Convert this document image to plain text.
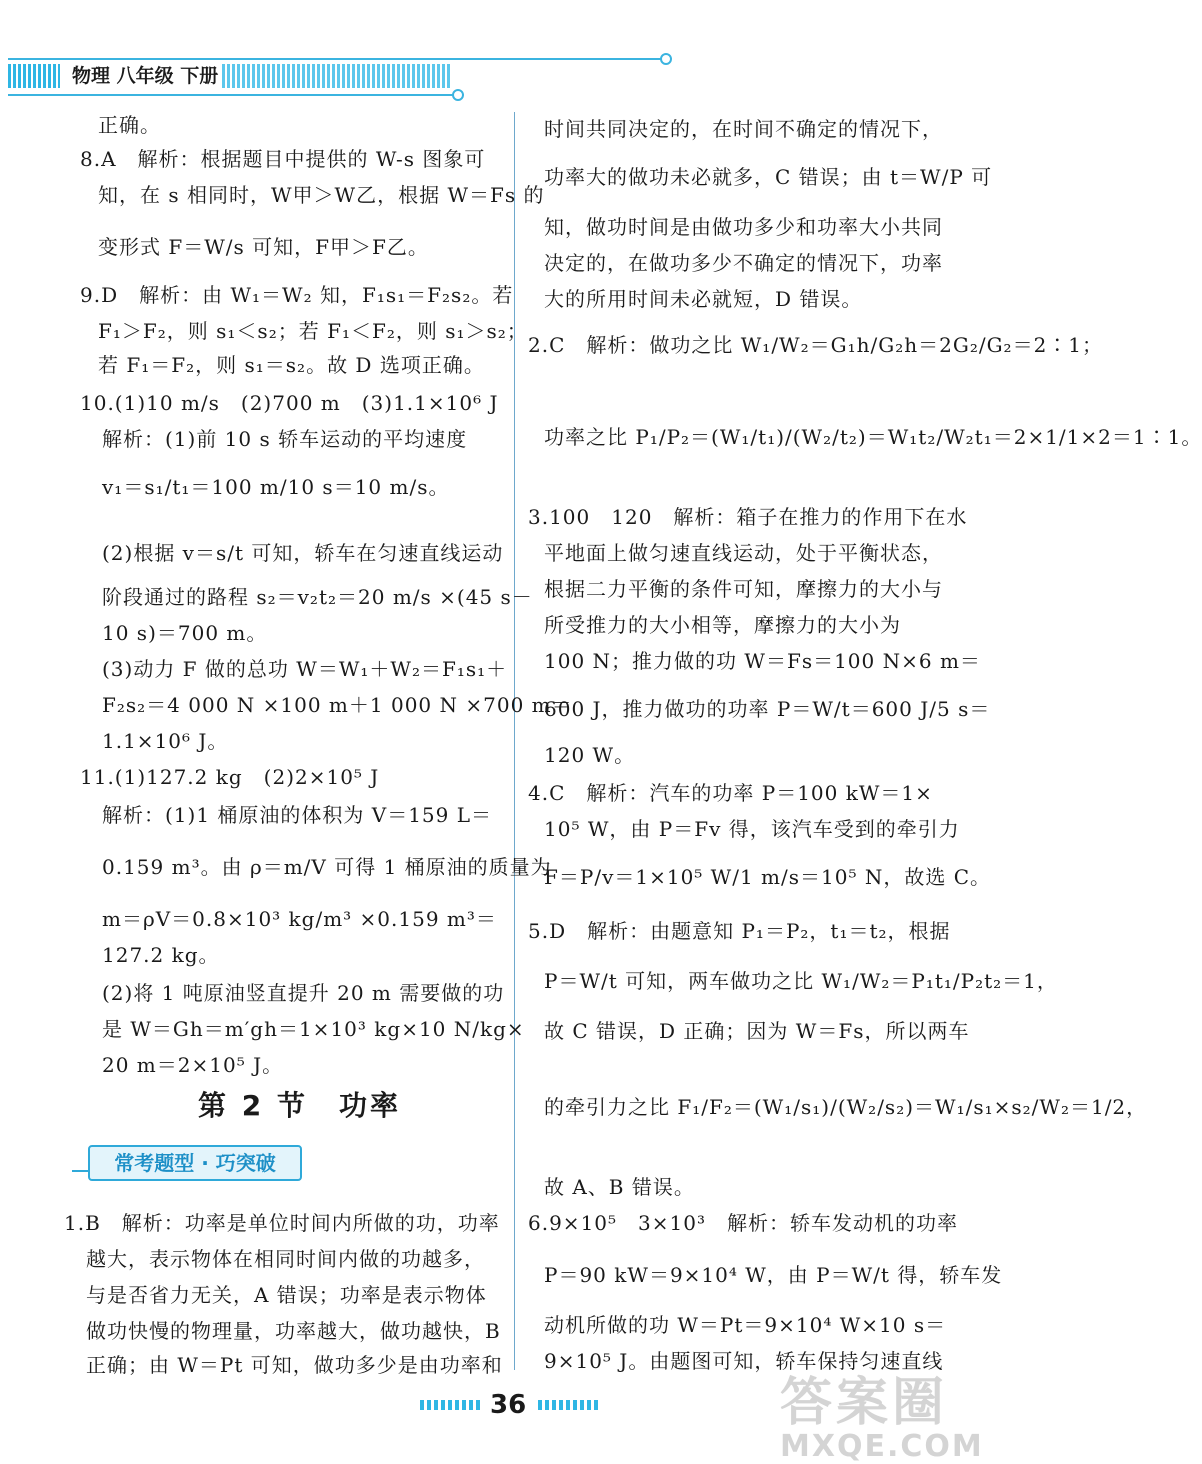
物理 八年级 下册
正确。
8.A　解析：根据题目中提供的 W-s 图象可
知，在 s 相同时，W甲＞W乙，根据 W＝Fs 的
变形式 F＝W/s 可知，F甲＞F乙。
9.D　解析：由 W₁＝W₂ 知，F₁s₁＝F₂s₂。若
F₁＞F₂，则 s₁＜s₂；若 F₁＜F₂，则 s₁＞s₂；
若 F₁＝F₂，则 s₁＝s₂。故 D 选项正确。
10.(1)10 m/s　(2)700 m　(3)1.1×10⁶ J
解析：(1)前 10 s 轿车运动的平均速度
v₁＝s₁/t₁＝100 m/10 s＝10 m/s。
(2)根据 v＝s/t 可知，轿车在匀速直线运动
阶段通过的路程 s₂＝v₂t₂＝20 m/s ×(45 s－
10 s)＝700 m。
(3)动力 F 做的总功 W＝W₁＋W₂＝F₁s₁＋
F₂s₂＝4 000 N ×100 m＋1 000 N ×700 m＝
1.1×10⁶ J。
11.(1)127.2 kg　(2)2×10⁵ J
解析：(1)1 桶原油的体积为 V＝159 L＝
0.159 m³。由 ρ＝m/V 可得 1 桶原油的质量为
m＝ρV＝0.8×10³ kg/m³ ×0.159 m³＝
127.2 kg。
(2)将 1 吨原油竖直提升 20 m 需要做的功
是 W＝Gh＝m′gh＝1×10³ kg×10 N/kg×
20 m＝2×10⁵ J。
1.B　解析：功率是单位时间内所做的功，功率
越大，表示物体在相同时间内做的功越多，
与是否省力无关，A 错误；功率是表示物体
做功快慢的物理量，功率越大，做功越快，B
正确；由 W＝Pt 可知，做功多少是由功率和
第 2 节　功率
常考题型 · 巧突破
时间共同决定的，在时间不确定的情况下，
功率大的做功未必就多，C 错误；由 t＝W/P 可
知，做功时间是由做功多少和功率大小共同
决定的，在做功多少不确定的情况下，功率
大的所用时间未必就短，D 错误。
2.C　解析：做功之比 W₁/W₂＝G₁h/G₂h＝2G₂/G₂＝2∶1；
功率之比 P₁/P₂＝(W₁/t₁)/(W₂/t₂)＝W₁t₂/W₂t₁＝2×1/1×2＝1∶1。
3.100　120　解析：箱子在推力的作用下在水
平地面上做匀速直线运动，处于平衡状态，
根据二力平衡的条件可知，摩擦力的大小与
所受推力的大小相等，摩擦力的大小为
100 N；推力做的功 W＝Fs＝100 N×6 m＝
600 J，推力做功的功率 P＝W/t＝600 J/5 s＝
120 W。
4.C　解析：汽车的功率 P＝100 kW＝1×
10⁵ W，由 P＝Fv 得，该汽车受到的牵引力
F＝P/v＝1×10⁵ W/1 m/s＝10⁵ N，故选 C。
5.D　解析：由题意知 P₁＝P₂，t₁＝t₂，根据
P＝W/t 可知，两车做功之比 W₁/W₂＝P₁t₁/P₂t₂＝1，
故 C 错误，D 正确；因为 W＝Fs，所以两车
的牵引力之比 F₁/F₂＝(W₁/s₁)/(W₂/s₂)＝W₁/s₁×s₂/W₂＝1/2，
故 A、B 错误。
6.9×10⁵　3×10³　解析：轿车发动机的功率
P＝90 kW＝9×10⁴ W，由 P＝W/t 得，轿车发
动机所做的功 W＝Pt＝9×10⁴ W×10 s＝
9×10⁵ J。由题图可知，轿车保持匀速直线
36	答案圈
MXQE.COM
